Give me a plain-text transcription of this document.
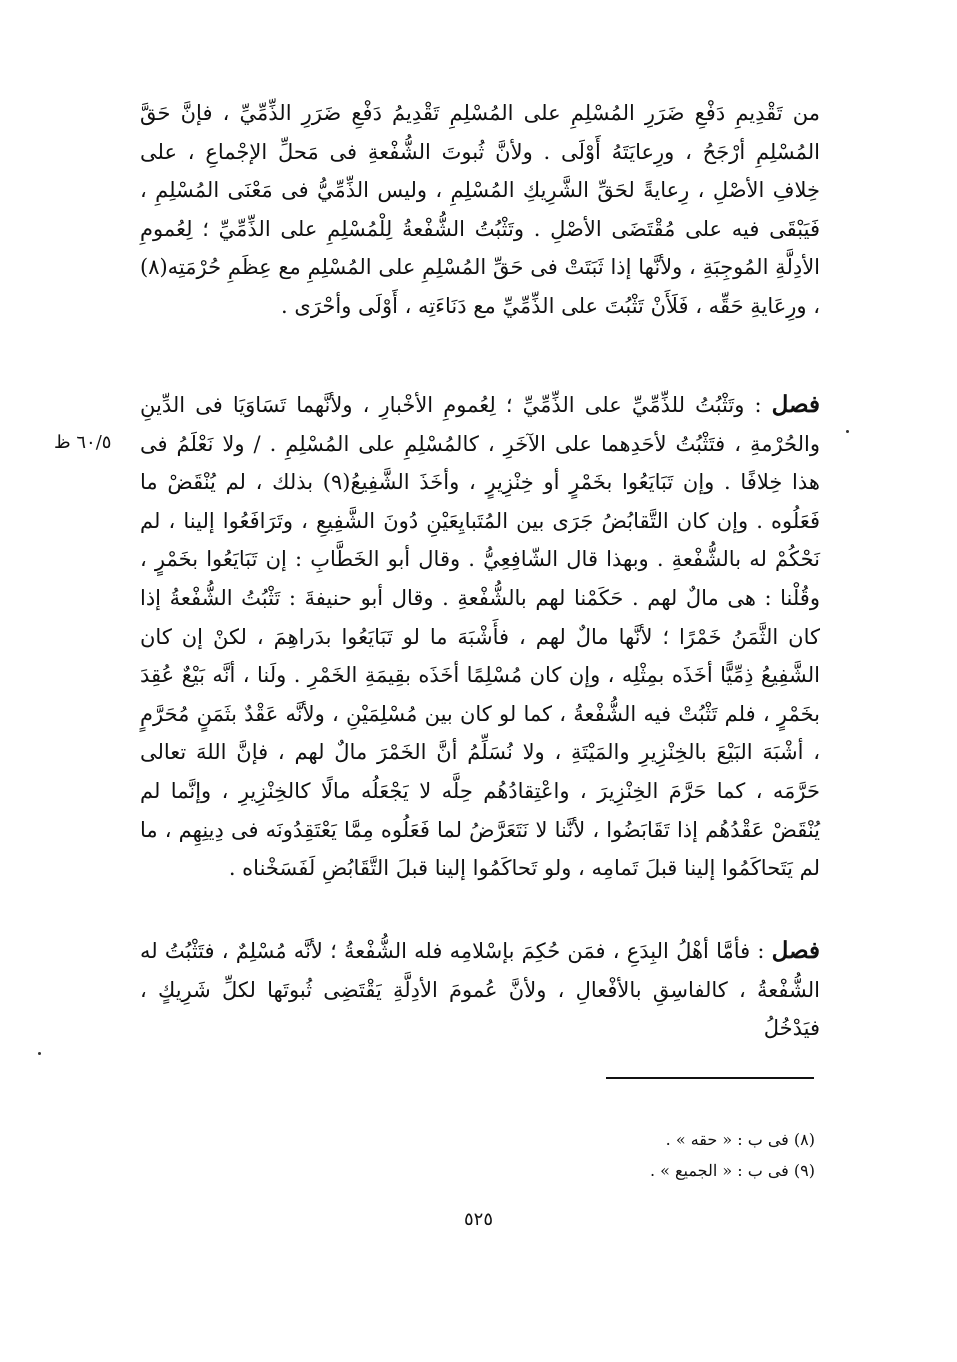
من تَقْدِيمِ دَفْعِ ضَرَرِ المُسْلِمِ على المُسْلِمِ تَقْدِيمُ دَفْعِ ضَرَرِ الذِّمِّيِّ ، فإنَّ حَقَّ المُسْلِمِ أرْجَحُ ، ورِعايَتَهُ أَوْلَى . ولأنَّ ثُبوتَ الشُّفْعةِ فى مَحلِّ الإجْماعِ ، على خِلافِ الأصْلِ ، رِعايةً لحَقِّ الشَّرِيكِ المُسْلِمِ ، وليس الذِّمِّيُّ فى مَعْنَى المُسْلِمِ ، فَيَبْقَى فيه على مُقْتَضَى الأصْلِ . وتَثْبُتُ الشُّفْعةُ لِلْمُسْلِمِ على الذِّمِّيِّ ؛ لِعُمومِ الأدِلَّةِ المُوجِبَةِ ، ولأنَّها إذا ثَبَتَتْ فى حَقِّ المُسْلِمِ على المُسْلِمِ مع عِظَمِ حُرْمَتِه(٨) ، ورِعَايةِ حَقِّه ، فَلَأَنْ تَثْبُتَ على الذِّمِّيِّ مع دَنَاءَتِه ، أَوْلَى وأحْرَى .

فصل : وتَثْبُتُ للذِّمِّيِّ على الذِّمِّيِّ ؛ لِعُمومِ الأخْبارِ ، ولأنَّهما تَسَاوَيَا فى الدِّينِ والحُرْمةِ ، فتَثْبُتُ لأحَدِهما على الآخَرِ ، كالمُسْلِمِ على المُسْلِمِ . / ولا نَعْلَمُ فى هذا خِلافًا . وإن تَبَايَعُوا بخَمْرٍ أو خِنْزِيرٍ ، وأخَذَ الشَّفِيعُ(٩) بذلك ، لم يُنْقَضْ ما فَعَلُوه . وإن كان التَّقابُضُ جَرَى بين المُتَبايِعَيْنِ دُونَ الشَّفِيعِ ، وتَرَافَعُوا إلينا ، لم نَحْكُمْ له بالشُّفْعةِ . وبهذا قال الشّافِعِيُّ . وقال أبو الخَطَّابِ : إن تَبَايَعُوا بخَمْرٍ ، وقُلْنا : هى مالٌ لهم . حَكَمْنا لهم بالشُّفْعةِ . وقال أبو حنيفةَ : تَثْبُتُ الشُّفْعةُ إذا كان الثَّمَنُ خَمْرًا ؛ لأنَّها مالٌ لهم ، فأَشْبَهَ ما لو تَبَايَعُوا بدَراهِمَ ، لكنْ إن كان الشَّفِيعُ ذِمِّيًّا أخَذَه بمِثْلِه ، وإن كان مُسْلِمًا أخَذَه بقِيمَةِ الخَمْرِ . ولَنا ، أنَّه بَيْعٌ عُقِدَ بخَمْرٍ ، فلم تَثْبُتْ فيه الشُّفْعةُ ، كما لو كان بين مُسْلِمَيْنِ ، ولأنَّه عَقْدٌ بثَمَنٍ مُحَرَّمٍ ، أشْبَهَ البَيْعَ بالخِنْزِيرِ والمَيْتَةِ ، ولا نُسَلِّمُ أنَّ الخَمْرَ مالٌ لهم ، فإنَّ اللهَ تعالى حَرَّمَه ، كما حَرَّمَ الخِنْزِيرَ ، واعْتِقادُهُم حِلَّه لا يَجْعَلُه مالًا كالخِنْزِيرِ ، وإنَّما لم يُنْقَضْ عَقْدُهُم إذا تَقَابَضُوا ، لأنَّنا لا نَتَعَرَّضُ لما فَعَلُوه مِمَّا يَعْتَقِدُونَه فى دِينِهِم ، ما لم يَتَحاكَمُوا إلينا قبلَ تَمامِه ، ولو تَحاكَمُوا إلينا قبلَ التَّقَابُضِ لَفَسَخْناه .

فصل : فأمَّا أهْلُ البِدَعِ ، فمَن حُكِمَ بإسْلامِه فله الشُّفْعةُ ؛ لأنَّه مُسْلِمٌ ، فتَثْبُتُ له الشُّفْعةُ ، كالفاسِقِ بالأفْعالِ ، ولأنَّ عُمومَ الأدِلَّةِ يَقْتَضِى ثُبوتَها لكلِّ شَرِيكٍ ، فيَدْخُلُ

٦٠/٥ ظ
(٨) فى ب : « حقه » .
(٩) فى ب : « الجميع » .
٥٢٥
